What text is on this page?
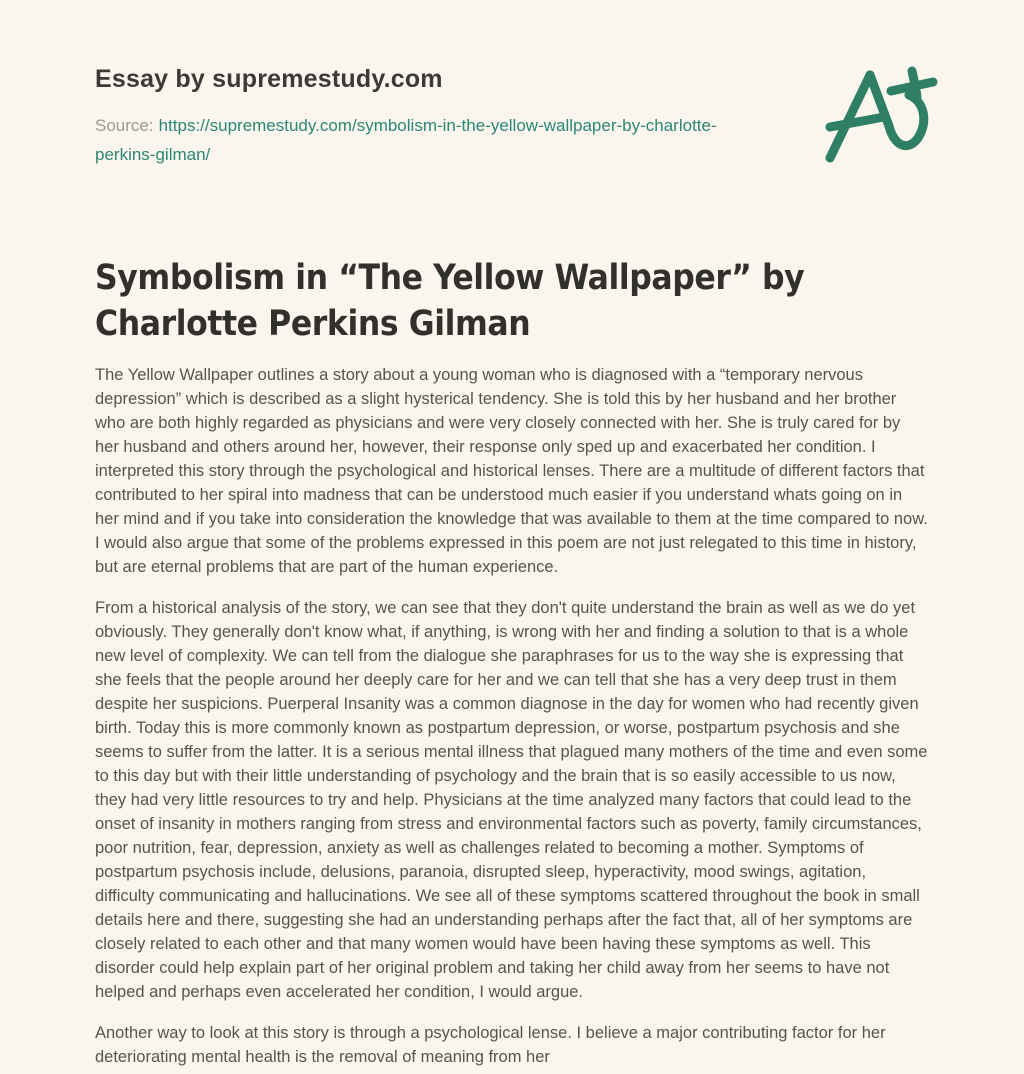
Essay by supremestudy.com
Source: https://supremestudy.com/symbolism-in-the-yellow-wallpaper-by-charlotte-perkins-gilman/
Symbolism in “The Yellow Wallpaper” by Charlotte Perkins Gilman

The Yellow Wallpaper outlines a story about a young woman who is diagnosed with a “temporary nervous depression” which is described as a slight hysterical tendency. She is told this by her husband and her brother who are both highly regarded as physicians and were very closely connected with her. She is truly cared for by her husband and others around her, however, their response only sped up and exacerbated her condition. I interpreted this story through the psychological and historical lenses. There are a multitude of different factors that contributed to her spiral into madness that can be understood much easier if you understand whats going on in her mind and if you take into consideration the knowledge that was available to them at the time compared to now. I would also argue that some of the problems expressed in this poem are not just relegated to this time in history, but are eternal problems that are part of the human experience.

From a historical analysis of the story, we can see that they don't quite understand the brain as well as we do yet obviously. They generally don't know what, if anything, is wrong with her and finding a solution to that is a whole new level of complexity. We can tell from the dialogue she paraphrases for us to the way she is expressing that she feels that the people around her deeply care for her and we can tell that she has a very deep trust in them despite her suspicions. Puerperal Insanity was a common diagnose in the day for women who had recently given birth. Today this is more commonly known as postpartum depression, or worse, postpartum psychosis and she seems to suffer from the latter. It is a serious mental illness that plagued many mothers of the time and even some to this day but with their little understanding of psychology and the brain that is so easily accessible to us now, they had very little resources to try and help. Physicians at the time analyzed many factors that could lead to the onset of insanity in mothers ranging from stress and environmental factors such as poverty, family circumstances, poor nutrition, fear, depression, anxiety as well as challenges related to becoming a mother. Symptoms of postpartum psychosis include, delusions, paranoia, disrupted sleep, hyperactivity, mood swings, agitation, difficulty communicating and hallucinations. We see all of these symptoms scattered throughout the book in small details here and there, suggesting she had an understanding perhaps after the fact that, all of her symptoms are closely related to each other and that many women would have been having these symptoms as well. This disorder could help explain part of her original problem and taking her child away from her seems to have not helped and perhaps even accelerated her condition, I would argue.

Another way to look at this story is through a psychological lense. I believe a major contributing factor for her deteriorating mental health is the removal of meaning from her
